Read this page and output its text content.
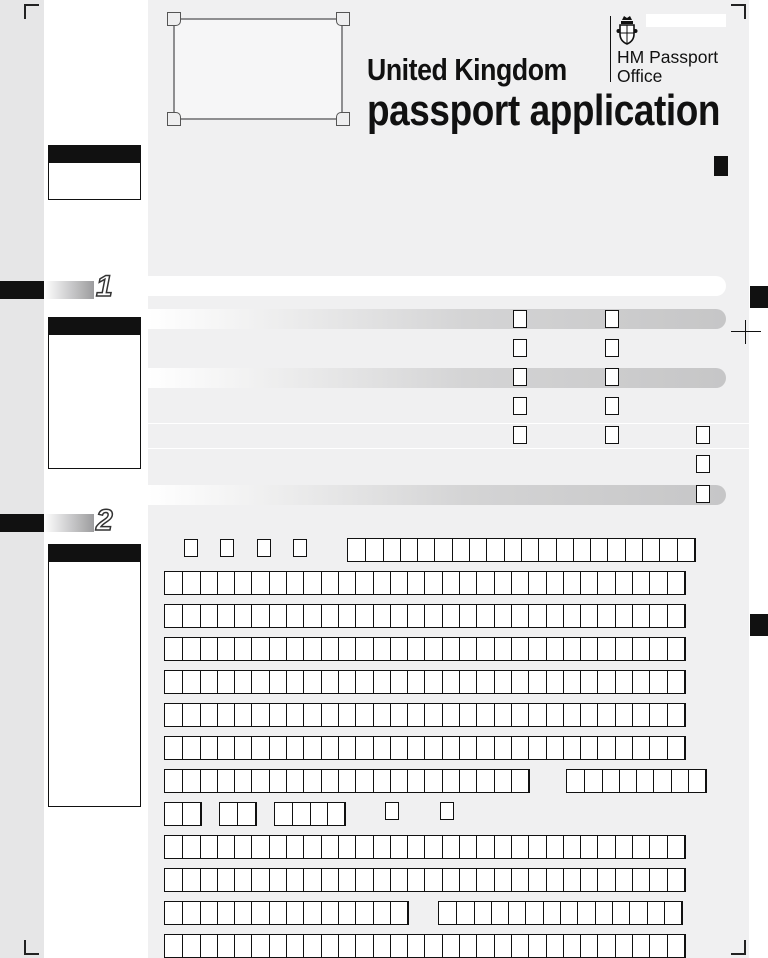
United Kingdom
passport application
HM Passport
Office
1
2
